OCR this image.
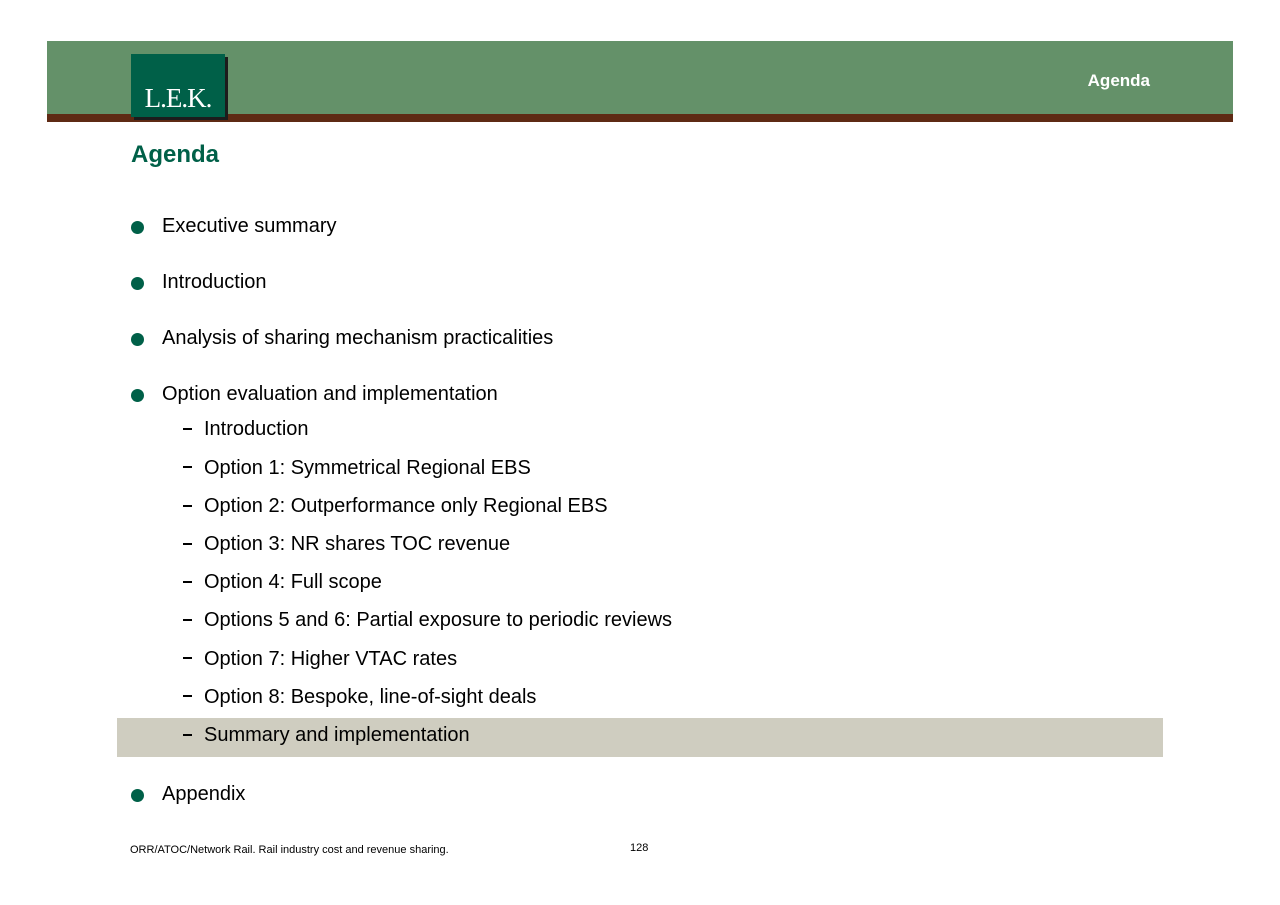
L.E.K.
Agenda
Agenda
Executive summary
Introduction
Analysis of sharing mechanism practicalities
Option evaluation and implementation
Introduction
Option 1: Symmetrical Regional EBS
Option 2: Outperformance only Regional EBS
Option 3: NR shares TOC revenue
Option 4: Full scope
Options 5 and 6: Partial exposure to periodic reviews
Option 7: Higher VTAC rates
Option 8: Bespoke, line-of-sight deals
Summary and implementation
Appendix
ORR/ATOC/Network Rail. Rail industry cost and revenue sharing.	128
